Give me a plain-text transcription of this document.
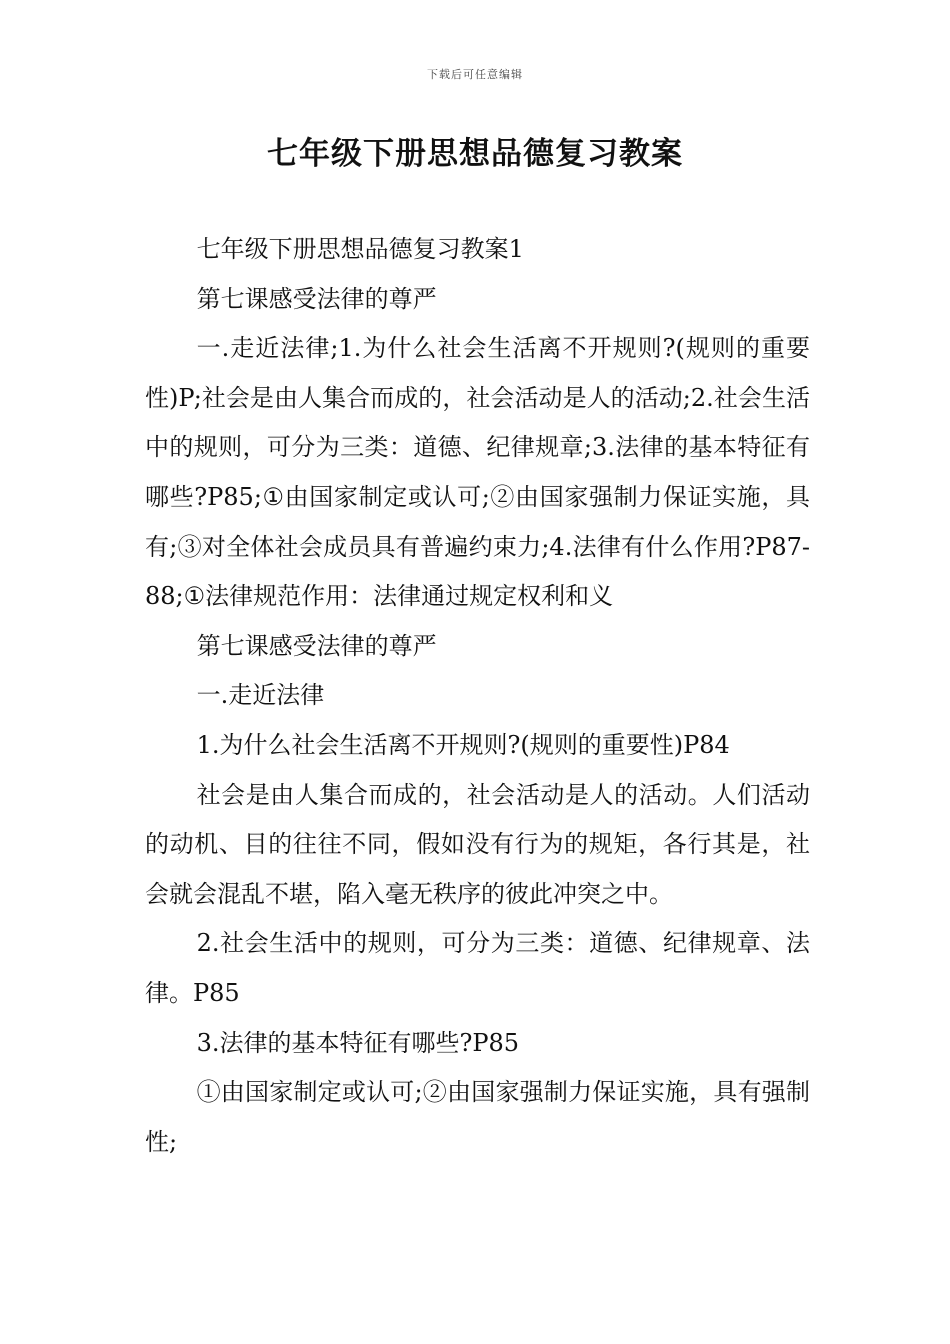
下载后可任意编辑
七年级下册思想品德复习教案

七年级下册思想品德复习教案1

第七课感受法律的尊严

一.走近法律;1.为什么社会生活离不开规则?(规则的重要性)P;社会是由人集合而成的，社会活动是人的活动;2.社会生活中的规则，可分为三类：道德、纪律规章;3.法律的基本特征有哪些?P85;①由国家制定或认可;②由国家强制力保证实施，具有;③对全体社会成员具有普遍约束力;4.法律有什么作用?P87-88;①法律规范作用：法律通过规定权利和义

第七课感受法律的尊严

一.走近法律

1.为什么社会生活离不开规则?(规则的重要性)P84

社会是由人集合而成的，社会活动是人的活动。人们活动的动机、目的往往不同，假如没有行为的规矩，各行其是，社会就会混乱不堪，陷入毫无秩序的彼此冲突之中。

2.社会生活中的规则，可分为三类：道德、纪律规章、法律。P85

3.法律的基本特征有哪些?P85

①由国家制定或认可;②由国家强制力保证实施，具有强制性;
